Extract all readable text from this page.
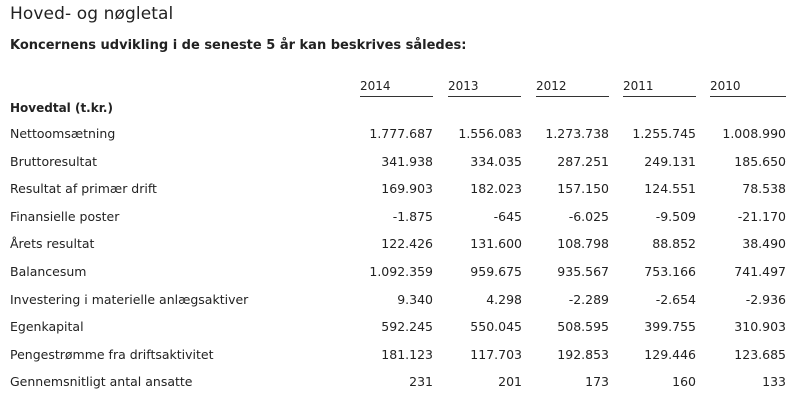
Hoved- og nøgletal
Koncernens udvikling i de seneste 5 år kan beskrives således:
2014	2013	2012	2011	2010
Hovedtal (t.kr.)
Nettoomsætning	1.777.687	1.556.083	1.273.738	1.255.745	1.008.990
Bruttoresultat	341.938	334.035	287.251	249.131	185.650
Resultat af primær drift	169.903	182.023	157.150	124.551	78.538
Finansielle poster	-1.875	-645	-6.025	-9.509	-21.170
Årets resultat	122.426	131.600	108.798	88.852	38.490
Balancesum	1.092.359	959.675	935.567	753.166	741.497
Investering i materielle anlægsaktiver	9.340	4.298	-2.289	-2.654	-2.936
Egenkapital	592.245	550.045	508.595	399.755	310.903
Pengestrømme fra driftsaktivitet	181.123	117.703	192.853	129.446	123.685
Gennemsnitligt antal ansatte	231	201	173	160	133
